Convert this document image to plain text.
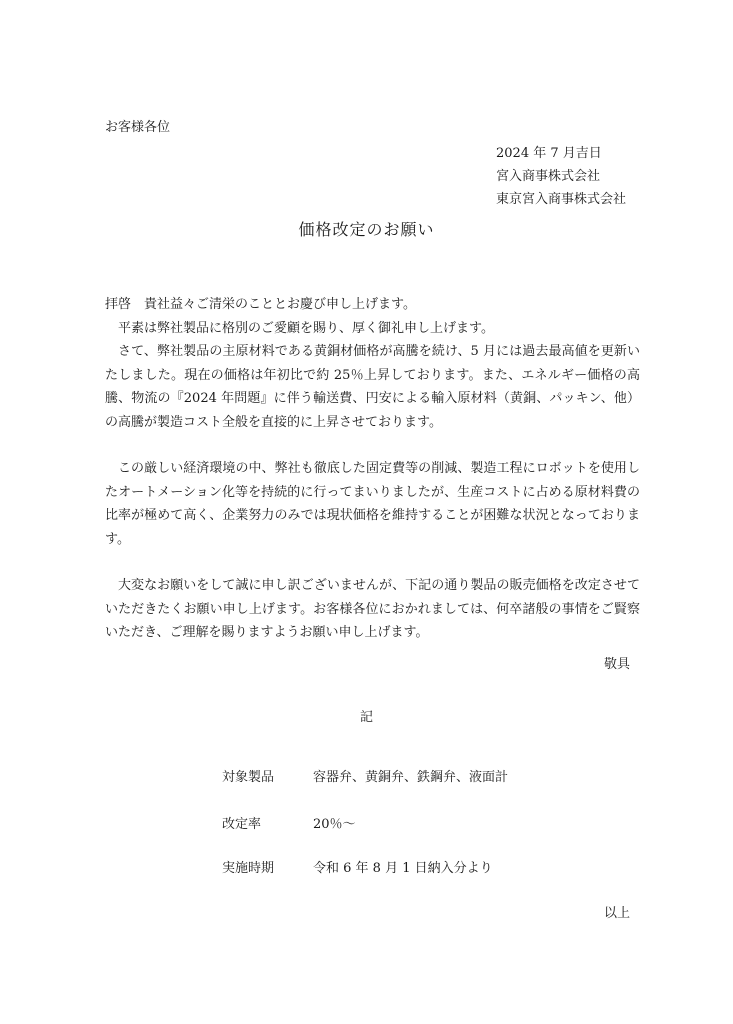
お客様各位
2024 年 7 月吉日
宮入商事株式会社
東京宮入商事株式会社
価格改定のお願い

拝啓　貴社益々ご清栄のこととお慶び申し上げます。

平素は弊社製品に格別のご愛顧を賜り、厚く御礼申し上げます。

さて、弊社製品の主原材料である黄銅材価格が高騰を続け、5 月には過去最高値を更新いたしました。現在の価格は年初比で約 25％上昇しております。また、エネルギー価格の高騰、物流の『2024 年問題』に伴う輸送費、円安による輸入原材料（黄銅、パッキン、他）の高騰が製造コスト全般を直接的に上昇させております。

この厳しい経済環境の中、弊社も徹底した固定費等の削減、製造工程にロボットを使用したオートメーション化等を持続的に行ってまいりましたが、生産コストに占める原材料費の比率が極めて高く、企業努力のみでは現状価格を維持することが困難な状況となっております。

大変なお願いをして誠に申し訳ございませんが、下記の通り製品の販売価格を改定させていただきたくお願い申し上げます。お客様各位におかれましては、何卒諸般の事情をご賢察いただき、ご理解を賜りますようお願い申し上げます。

敬具
記
対象製品	容器弁、黄銅弁、鉄鋼弁、液面計
改定率	20％～
実施時期	令和 6 年 8 月 1 日納入分より
以上
